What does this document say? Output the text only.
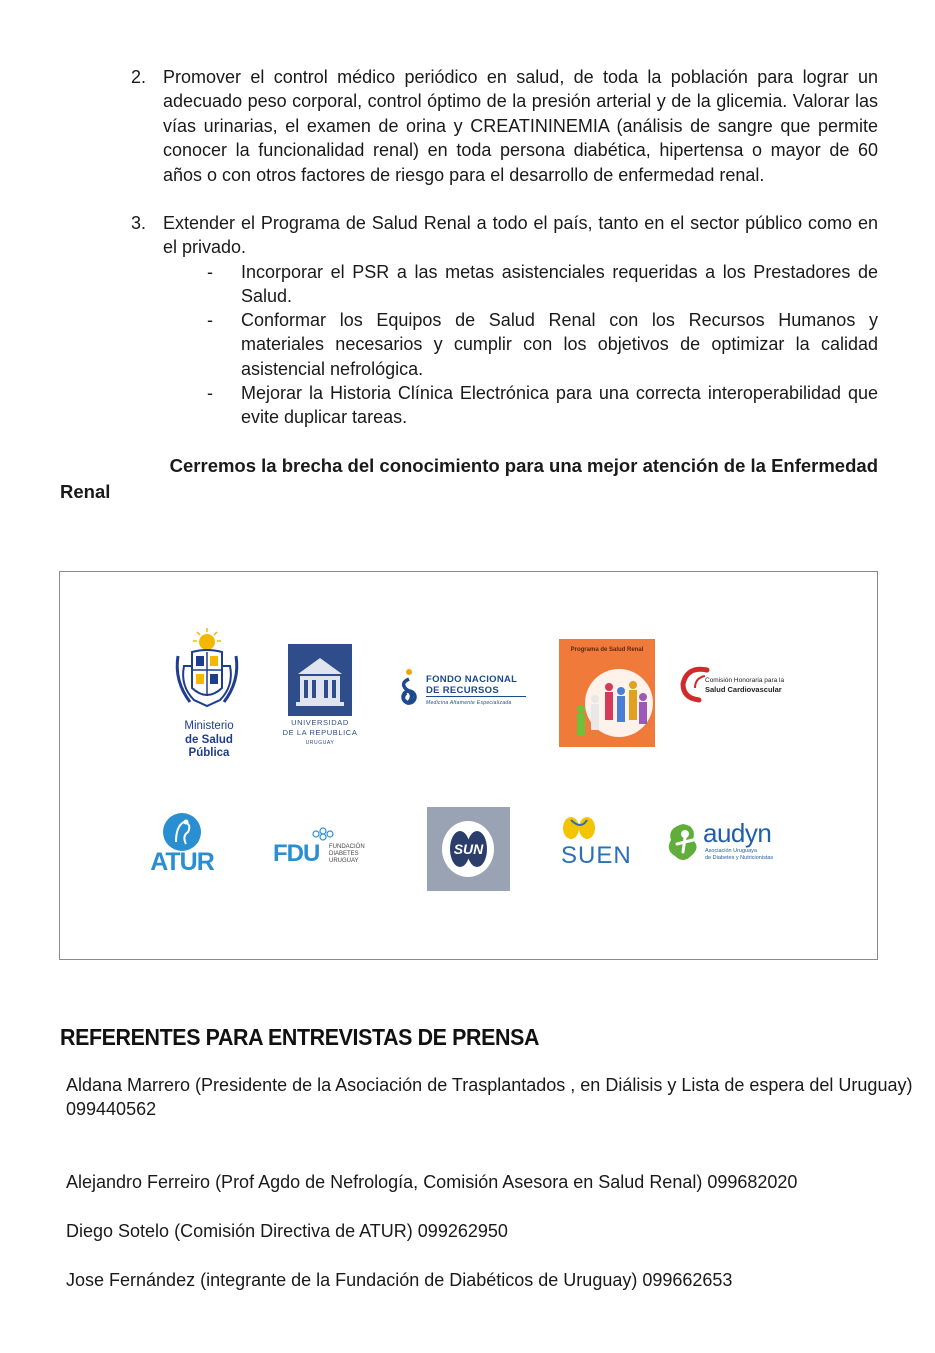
2. Promover el control médico periódico en salud, de toda la población para lograr un adecuado peso corporal, control óptimo de la presión arterial y de la glicemia. Valorar las vías urinarias, el examen de orina y CREATININEMIA (análisis de sangre que permite conocer la funcionalidad renal) en toda persona diabética, hipertensa o mayor de 60 años o con otros factores de riesgo para el desarrollo de enfermedad renal.
3. Extender el Programa de Salud Renal a todo el país, tanto en el sector público como en el privado.
- Incorporar el PSR a las metas asistenciales requeridas a los Prestadores de Salud.
- Conformar los Equipos de Salud Renal con los Recursos Humanos y materiales necesarios y cumplir con los objetivos de optimizar la calidad asistencial nefrológica.
- Mejorar la Historia Clínica Electrónica para una correcta interoperabilidad que evite duplicar tareas.
Cerremos la brecha del conocimiento para una mejor atención de la Enfermedad
Renal
Ministerio
de Salud
Pública
UNIVERSIDAD
DE LA REPUBLICA
URUGUAY
FONDO NACIONAL
DE RECURSOS
Medicina Altamente Especializada
Programa de Salud Renal
Comisión Honoraria para la
Salud Cardiovascular
ATUR FDU FUNDACIÓN
DIABETES
URUGUAY
SUN	SUEN
audyn
Asociación Uruguaya
de Diabetes y Nutricionistas
REFERENTES PARA ENTREVISTAS DE PRENSA
Aldana Marrero (Presidente de la Asociación de Trasplantados , en Diálisis y Lista de espera del Uruguay)
099440562
Alejandro Ferreiro (Prof Agdo de Nefrología, Comisión Asesora en Salud Renal) 099682020
Diego Sotelo (Comisión Directiva de ATUR) 099262950
Jose Fernández (integrante de la Fundación de Diabéticos de Uruguay) 099662653
